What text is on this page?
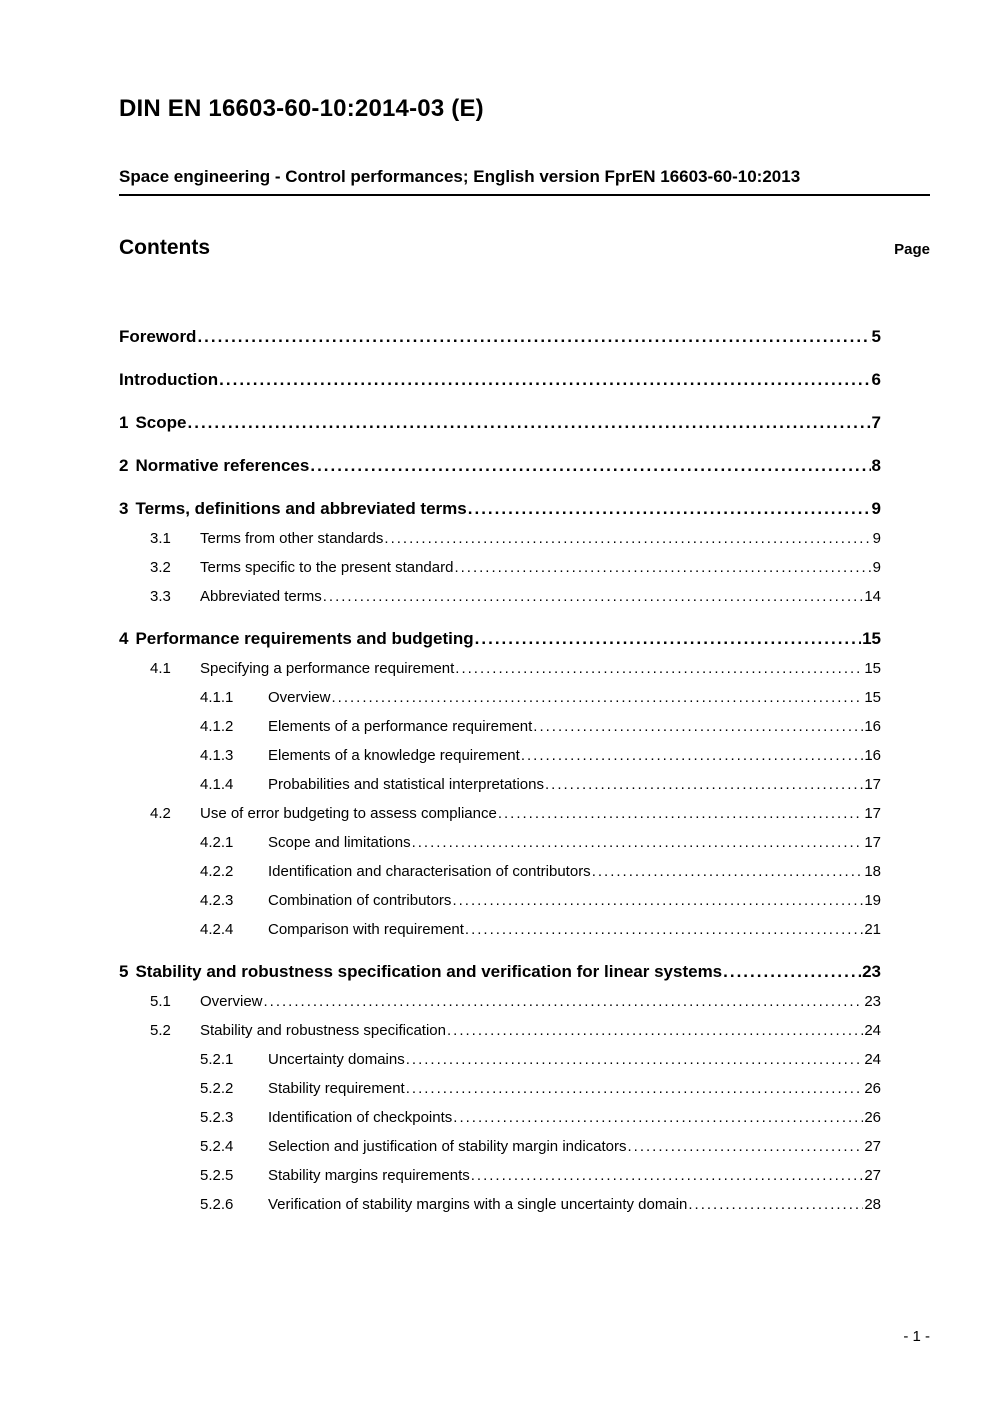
DIN EN 16603-60-10:2014-03 (E)
Space engineering - Control performances; English version FprEN 16603-60-10:2013
Contents	Page
Foreword .....	5
Introduction .....	6
1 Scope .....	7
2 Normative references .....	8
3 Terms, definitions and abbreviated terms .....	9
3.1	Terms from other standards .....	9
3.2	Terms specific to the present standard .....	9
3.3	Abbreviated terms .....	14
4 Performance requirements and budgeting .....	15
4.1	Specifying a performance requirement .....	15
4.1.1	Overview .....	15
4.1.2	Elements of a performance requirement .....	16
4.1.3	Elements of a knowledge requirement .....	16
4.1.4	Probabilities and statistical interpretations .....	17
4.2	Use of error budgeting to assess compliance .....	17
4.2.1	Scope and limitations .....	17
4.2.2	Identification and characterisation of contributors .....	18
4.2.3	Combination of contributors .....	19
4.2.4	Comparison with requirement .....	21
5 Stability and robustness specification and verification for linear systems .....	23
5.1	Overview .....	23
5.2	Stability and robustness specification .....	24
5.2.1	Uncertainty domains .....	24
5.2.2	Stability requirement .....	26
5.2.3	Identification of checkpoints .....	26
5.2.4	Selection and justification of stability margin indicators .....	27
5.2.5	Stability margins requirements .....	27
5.2.6	Verification of stability margins with a single uncertainty domain .....	28
- 1 -
